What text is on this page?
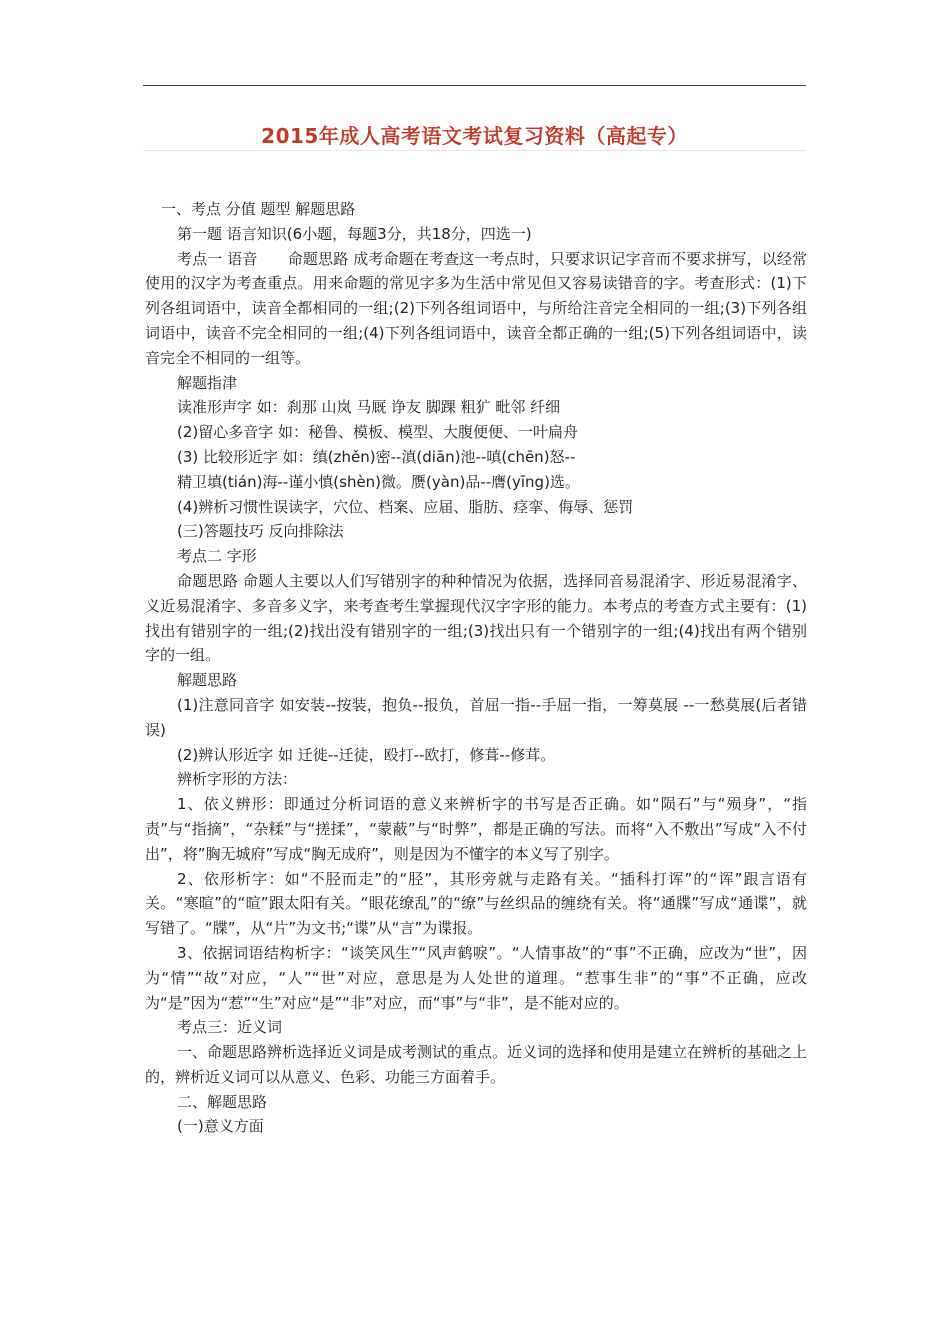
2015年成人高考语文考试复习资料（高起专）

一、考点 分值 题型 解题思路

第一题 语言知识(6小题，每题3分，共18分，四选一)

考点一 语音　　命题思路 成考命题在考查这一考点时，只要求识记字音而不要求拼写，以经常使用的汉字为考查重点。用来命题的常见字多为生活中常见但又容易读错音的字。考查形式：(1)下列各组词语中，读音全都相同的一组;(2)下列各组词语中，与所给注音完全相同的一组;(3)下列各组词语中，读音不完全相同的一组;(4)下列各组词语中，读音全都正确的一组;(5)下列各组词语中，读音完全不相同的一组等。

解题指津

读准形声字 如：刹那 山岚 马厩 诤友 脚踝 粗犷 毗邻 纤细

(2)留心多音字 如：秘鲁、模板、模型、大腹便便、一叶扁舟

(3) 比较形近字 如：缜(zhěn)密--滇(diān)池--嗔(chēn)怒--

精卫填(tián)海--谨小慎(shèn)微。赝(yàn)品--膺(yīng)选。

(4)辨析习惯性误读字，穴位、档案、应届、脂肪、痉挛、侮辱、惩罚

(三)答题技巧 反向排除法

考点二 字形

命题思路 命题人主要以人们写错别字的种种情况为依据，选择同音易混淆字、形近易混淆字、义近易混淆字、多音多义字，来考查考生掌握现代汉字字形的能力。本考点的考查方式主要有：(1)找出有错别字的一组;(2)找出没有错别字的一组;(3)找出只有一个错别字的一组;(4)找出有两个错别字的一组。

解题思路

(1)注意同音字 如安装--按装，抱负--报负，首屈一指--手屈一指，一筹莫展 --一愁莫展(后者错误)

(2)辨认形近字 如 迁徙--迁徒，殴打--欧打，修葺--修茸。

辨析字形的方法：

1、依义辨形：即通过分析词语的意义来辨析字的书写是否正确。如“陨石”与“殒身”，“指责”与“指摘”，“杂糅”与“搓揉”，“蒙蔽”与“时弊”，都是正确的写法。而将“入不敷出”写成“入不付出”，将”胸无城府”写成“胸无成府”，则是因为不懂字的本义写了别字。

2、依形析字：如“不胫而走”的“胫”，其形旁就与走路有关。“插科打诨”的“诨”跟言语有关。“寒暄”的“暄”跟太阳有关。“眼花缭乱”的“缭”与丝织品的缠绕有关。将“通牒”写成“通谍”，就写错了。“牒”，从“片”为文书;“谍”从“言”为谍报。

3、依据词语结构析字：“谈笑风生”“风声鹤唳”。“人情事故”的“事”不正确，应改为“世”，因为“情”“故”对应，“人”“世”对应，意思是为人处世的道理。“惹事生非”的“事”不正确，应改为“是”因为“惹”“生”对应“是”“非”对应，而“事”与“非”，是不能对应的。

考点三：近义词

一、命题思路辨析选择近义词是成考测试的重点。近义词的选择和使用是建立在辨析的基础之上的，辨析近义词可以从意义、色彩、功能三方面着手。

二、解题思路

(一)意义方面
